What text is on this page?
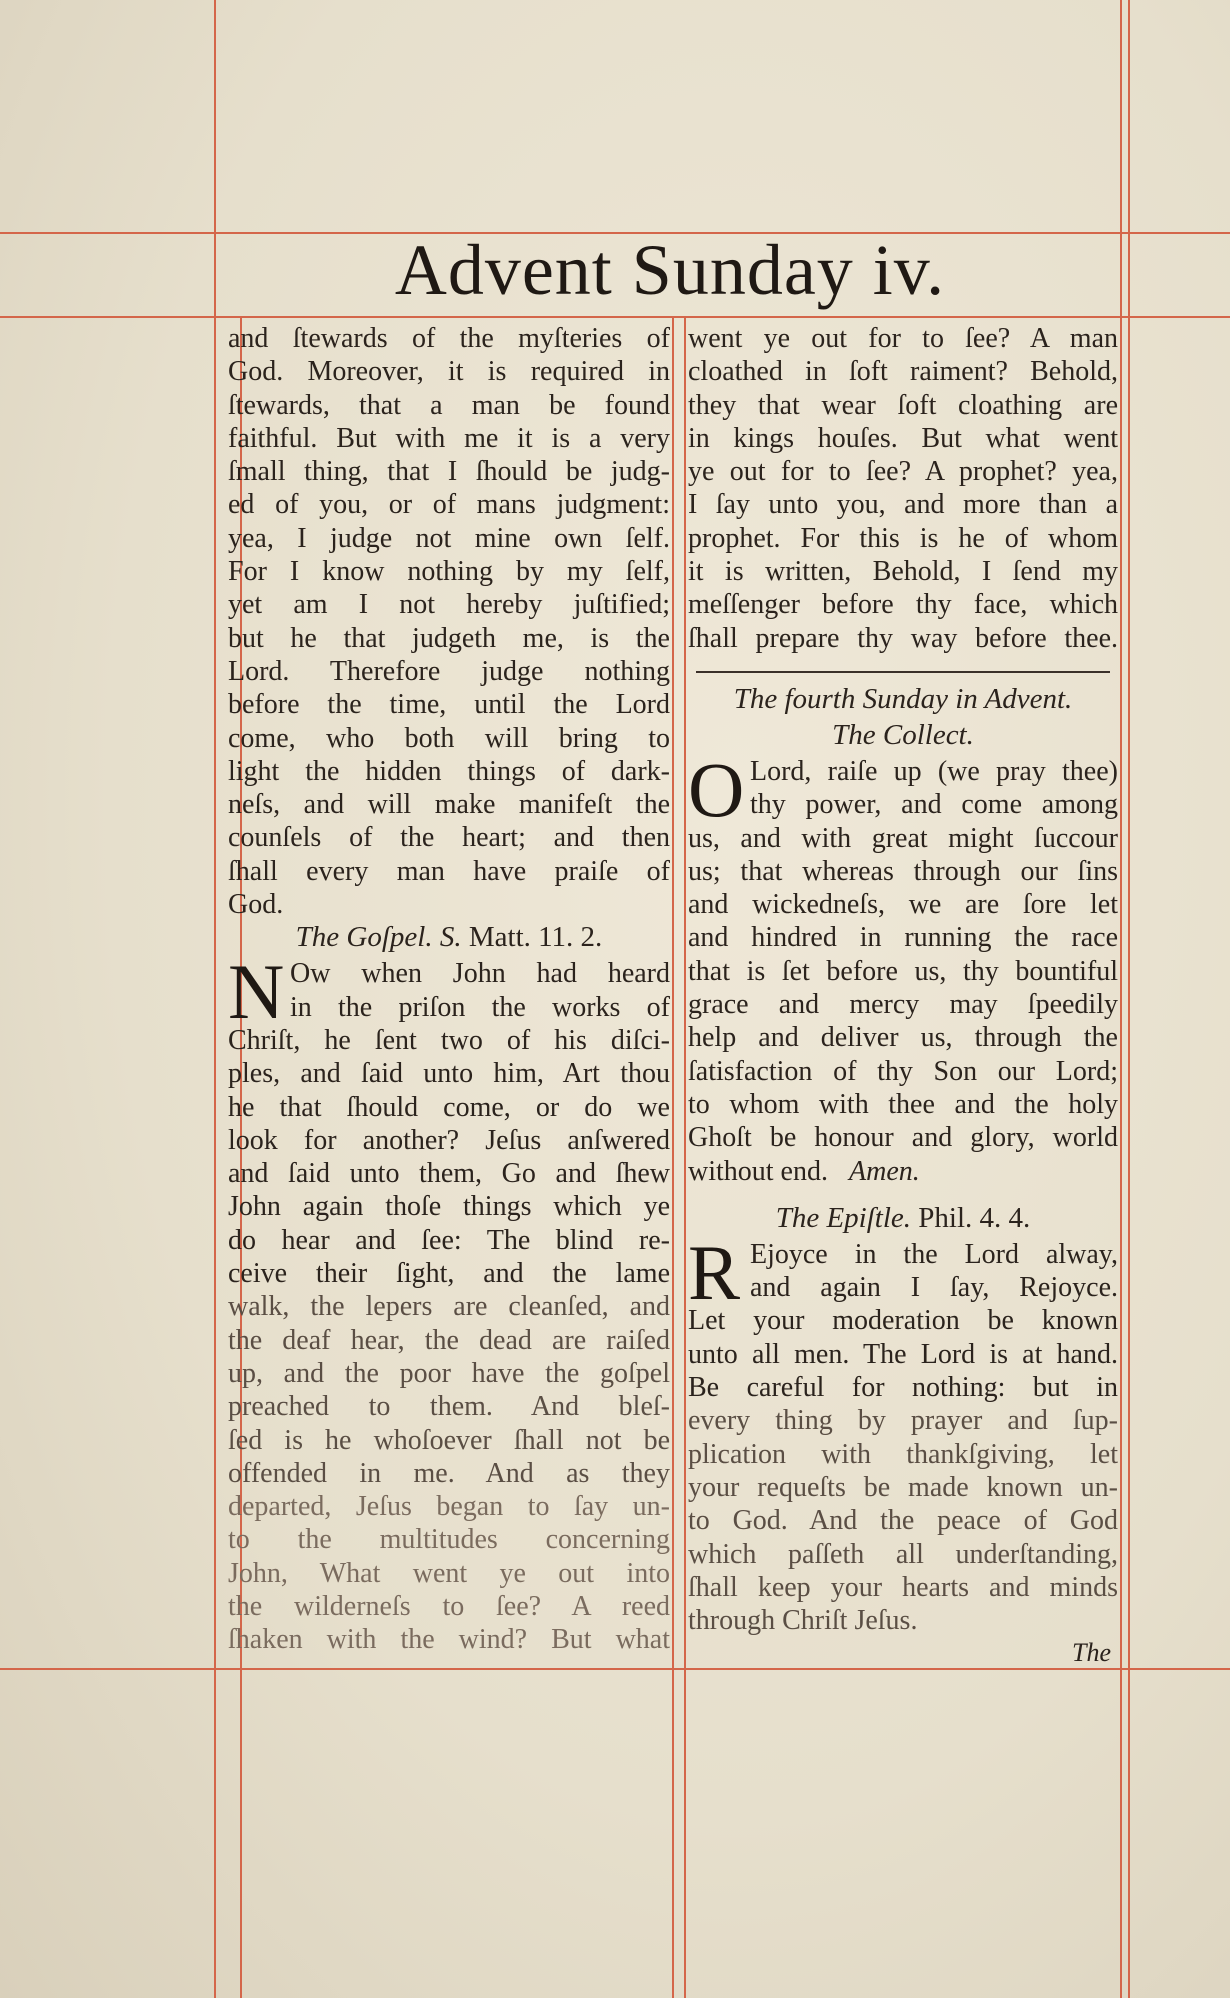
Advent Sunday iv.
and ſtewards of the myſteries of
God. Moreover, it is required in
ſtewards, that a man be found
faithful. But with me it is a very
ſmall thing, that I ſhould be judg-
ed of you, or of mans judgment:
yea, I judge not mine own ſelf.
For I know nothing by my ſelf,
yet am I not hereby juſtified;
but he that judgeth me, is the
Lord. Therefore judge nothing
before the time, until the Lord
come, who both will bring to
light the hidden things of dark-
neſs, and will make manifeſt the
counſels of the heart; and then
ſhall every man have praiſe of
God.
The Goſpel. S. Matt. 11. 2.
N Ow when John had heard
in the priſon the works of
Chriſt, he ſent two of his diſci-
ples, and ſaid unto him, Art thou
he that ſhould come, or do we
look for another? Jeſus anſwered
and ſaid unto them, Go and ſhew
John again thoſe things which ye
do hear and ſee: The blind re-
ceive their ſight, and the lame
walk, the lepers are cleanſed, and
the deaf hear, the dead are raiſed
up, and the poor have the goſpel
preached to them. And bleſ-
ſed is he whoſoever ſhall not be
offended in me. And as they
departed, Jeſus began to ſay un-
to the multitudes concerning
John, What went ye out into
the wilderneſs to ſee? A reed
ſhaken with the wind? But what
went ye out for to ſee? A man
cloathed in ſoft raiment? Behold,
they that wear ſoft cloathing are
in kings houſes. But what went
ye out for to ſee? A prophet? yea,
I ſay unto you, and more than a
prophet. For this is he of whom
it is written, Behold, I ſend my
meſſenger before thy face, which
ſhall prepare thy way before thee.
The fourth Sunday in Advent.
The Collect.
O Lord, raiſe up (we pray thee)
thy power, and come among
us, and with great might ſuccour
us; that whereas through our ſins
and wickedneſs, we are ſore let
and hindred in running the race
that is ſet before us, thy bountiful
grace and mercy may ſpeedily
help and deliver us, through the
ſatisfaction of thy Son our Lord;
to whom with thee and the holy
Ghoſt be honour and glory, world
without end. Amen.
The Epiſtle. Phil. 4. 4.
R Ejoyce in the Lord alway,
and again I ſay, Rejoyce.
Let your moderation be known
unto all men. The Lord is at hand.
Be careful for nothing: but in
every thing by prayer and ſup-
plication with thankſgiving, let
your requeſts be made known un-
to God. And the peace of God
which paſſeth all underſtanding,
ſhall keep your hearts and minds
through Chriſt Jeſus.
The
